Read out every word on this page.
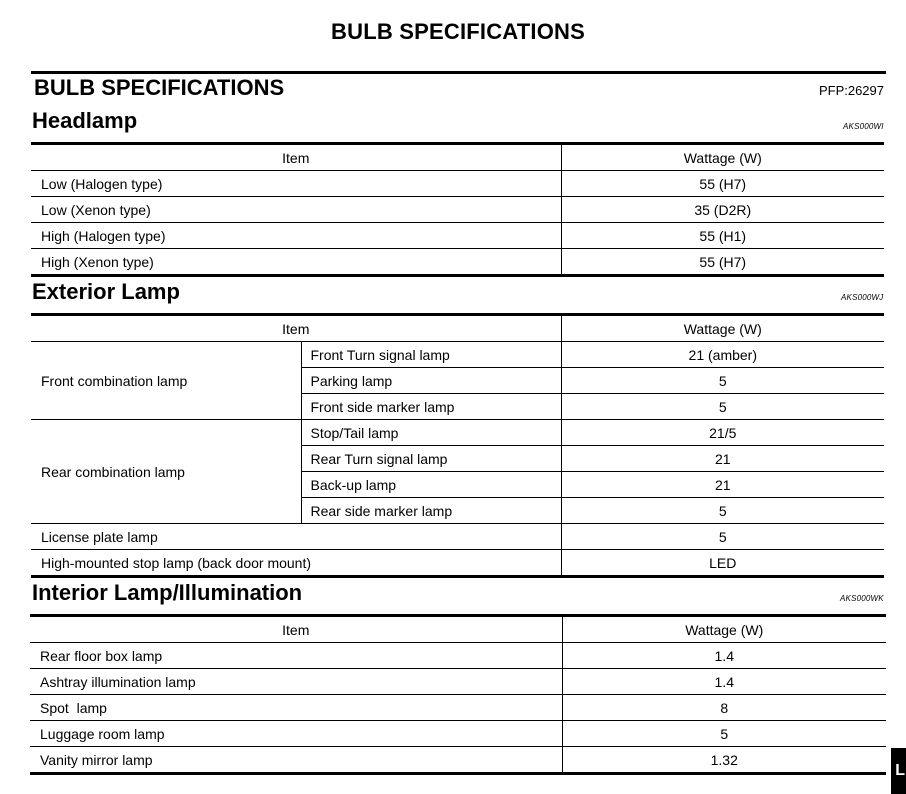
BULB SPECIFICATIONS
BULB SPECIFICATIONS	PFP:26297
Headlamp	AKS000WI
Item	Wattage (W)
Low (Halogen type)	55 (H7)
Low (Xenon type)	35 (D2R)
High (Halogen type)	55 (H1)
High (Xenon type)	55 (H7)
Exterior Lamp	AKS000WJ
Item		Wattage (W)
Front combination lamp	Front Turn signal lamp	21 (amber)
	Parking lamp	5
	Front side marker lamp	5
Rear combination lamp	Stop/Tail lamp	21/5
	Rear Turn signal lamp	21
	Back-up lamp	21
	Rear side marker lamp	5
License plate lamp		5
High-mounted stop lamp (back door mount)		LED
Interior Lamp/Illumination	AKS000WK
Item	Wattage (W)
Rear floor box lamp	1.4
Ashtray illumination lamp	1.4
Spot  lamp	8
Luggage room lamp	5
Vanity mirror lamp	1.32
L
